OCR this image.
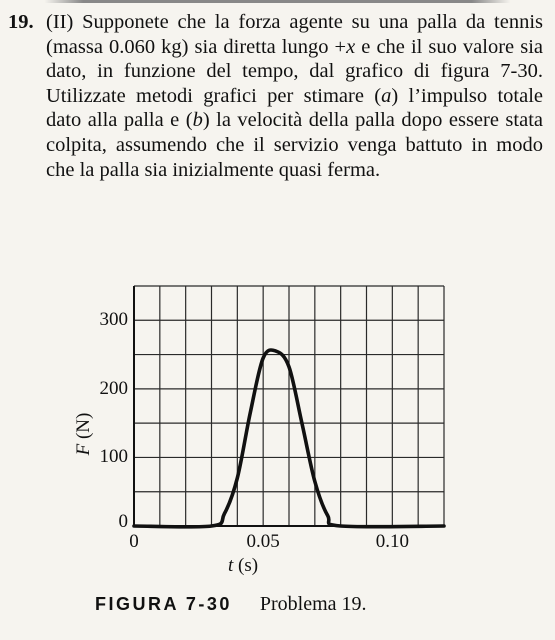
19. (II) Supponete che la forza agente su una palla da tennis (massa 0.060 kg) sia diretta lungo +x e che il suo valore sia dato, in funzione del tempo, dal grafico di figura 7-30. Utilizzate metodi grafici per stimare (a) l’impulso totale dato alla palla e (b) la velocità della palla dopo essere stata colpita, assumendo che il servizio venga battuto in modo che la palla sia inizialmente quasi ferma.
0
100
200
300
0	0.05	0.10
F (N)
t (s)
FIGURA 7-30 Problema 19.
